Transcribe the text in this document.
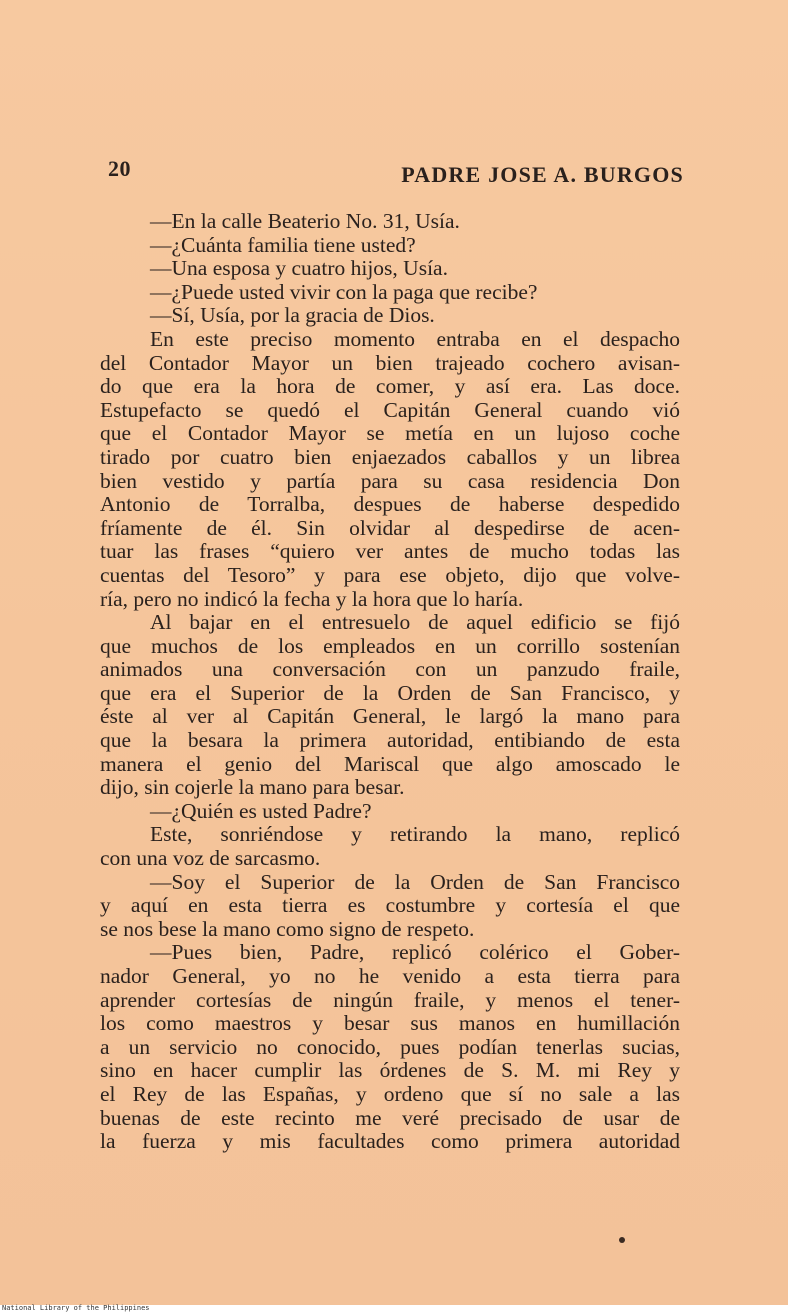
20	PADRE JOSE A. BURGOS
—En la calle Beaterio No. 31, Usía.
—¿Cuánta familia tiene usted?
—Una esposa y cuatro hijos, Usía.
—¿Puede usted vivir con la paga que recibe?
—Sí, Usía, por la gracia de Dios.
En este preciso momento entraba en el despacho
del Contador Mayor un bien trajeado cochero avisan-
do que era la hora de comer, y así era. Las doce.
Estupefacto se quedó el Capitán General cuando vió
que el Contador Mayor se metía en un lujoso coche
tirado por cuatro bien enjaezados caballos y un librea
bien vestido y partía para su casa residencia Don
Antonio de Torralba, despues de haberse despedido
fríamente de él. Sin olvidar al despedirse de acen-
tuar las frases “quiero ver antes de mucho todas las
cuentas del Tesoro” y para ese objeto, dijo que volve-
ría, pero no indicó la fecha y la hora que lo haría.
Al bajar en el entresuelo de aquel edificio se fijó
que muchos de los empleados en un corrillo sostenían
animados una conversación con un panzudo fraile,
que era el Superior de la Orden de San Francisco, y
éste al ver al Capitán General, le largó la mano para
que la besara la primera autoridad, entibiando de esta
manera el genio del Mariscal que algo amoscado le
dijo, sin cojerle la mano para besar.
—¿Quién es usted Padre?
Este, sonriéndose y retirando la mano, replicó
con una voz de sarcasmo.
—Soy el Superior de la Orden de San Francisco
y aquí en esta tierra es costumbre y cortesía el que
se nos bese la mano como signo de respeto.
—Pues bien, Padre, replicó colérico el Gober-
nador General, yo no he venido a esta tierra para
aprender cortesías de ningún fraile, y menos el tener-
los como maestros y besar sus manos en humillación
a un servicio no conocido, pues podían tenerlas sucias,
sino en hacer cumplir las órdenes de S. M. mi Rey y
el Rey de las Españas, y ordeno que sí no sale a las
buenas de este recinto me veré precisado de usar de
la fuerza y mis facultades como primera autoridad
National Library of the Philippines
